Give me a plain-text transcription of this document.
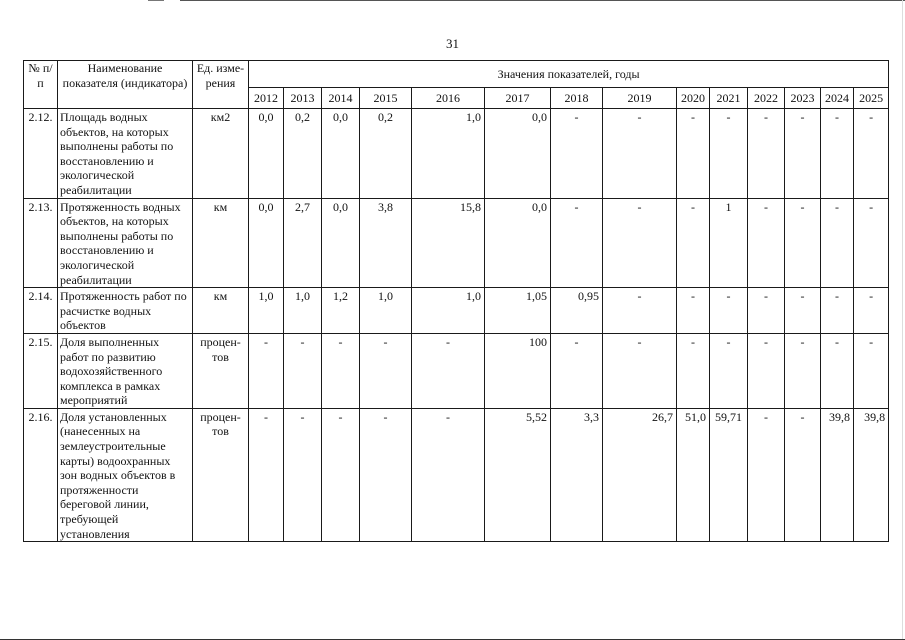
31
№ п/п	Наименование показателя (индикатора)	Ед. изме-рения	Значения показателей, годы													
			2012	2013	2014	2015	2016	2017	2018	2019	2020	2021	2022	2023	2024	2025
2.12.	Площадь водных объектов, на которых выполнены работы по восстановлению и экологической реабилитации	км2	0,0	0,2	0,0	0,2	1,0	0,0	-	-	-	-	-	-	-	-
2.13.	Протяженность водных объектов, на которых выполнены работы по восстановлению и экологической реабилитации	км	0,0	2,7	0,0	3,8	15,8	0,0	-	-	-	1	-	-	-	-
2.14.	Протяженность работ по расчистке водных объектов	км	1,0	1,0	1,2	1,0	1,0	1,05	0,95	-	-	-	-	-	-	-
2.15.	Доля выполненных работ по развитию водохозяйственного комплекса в рамках мероприятий	процен-тов	-	-	-	-	-	100	-	-	-	-	-	-	-	-
2.16.	Доля установленных (нанесенных на землеустроительные карты) водоохранных зон водных объектов в протяженности береговой линии, требующей установления	процен-тов	-	-	-	-	-	5,52	3,3	26,7	51,0	59,71	-	-	39,8	39,8
